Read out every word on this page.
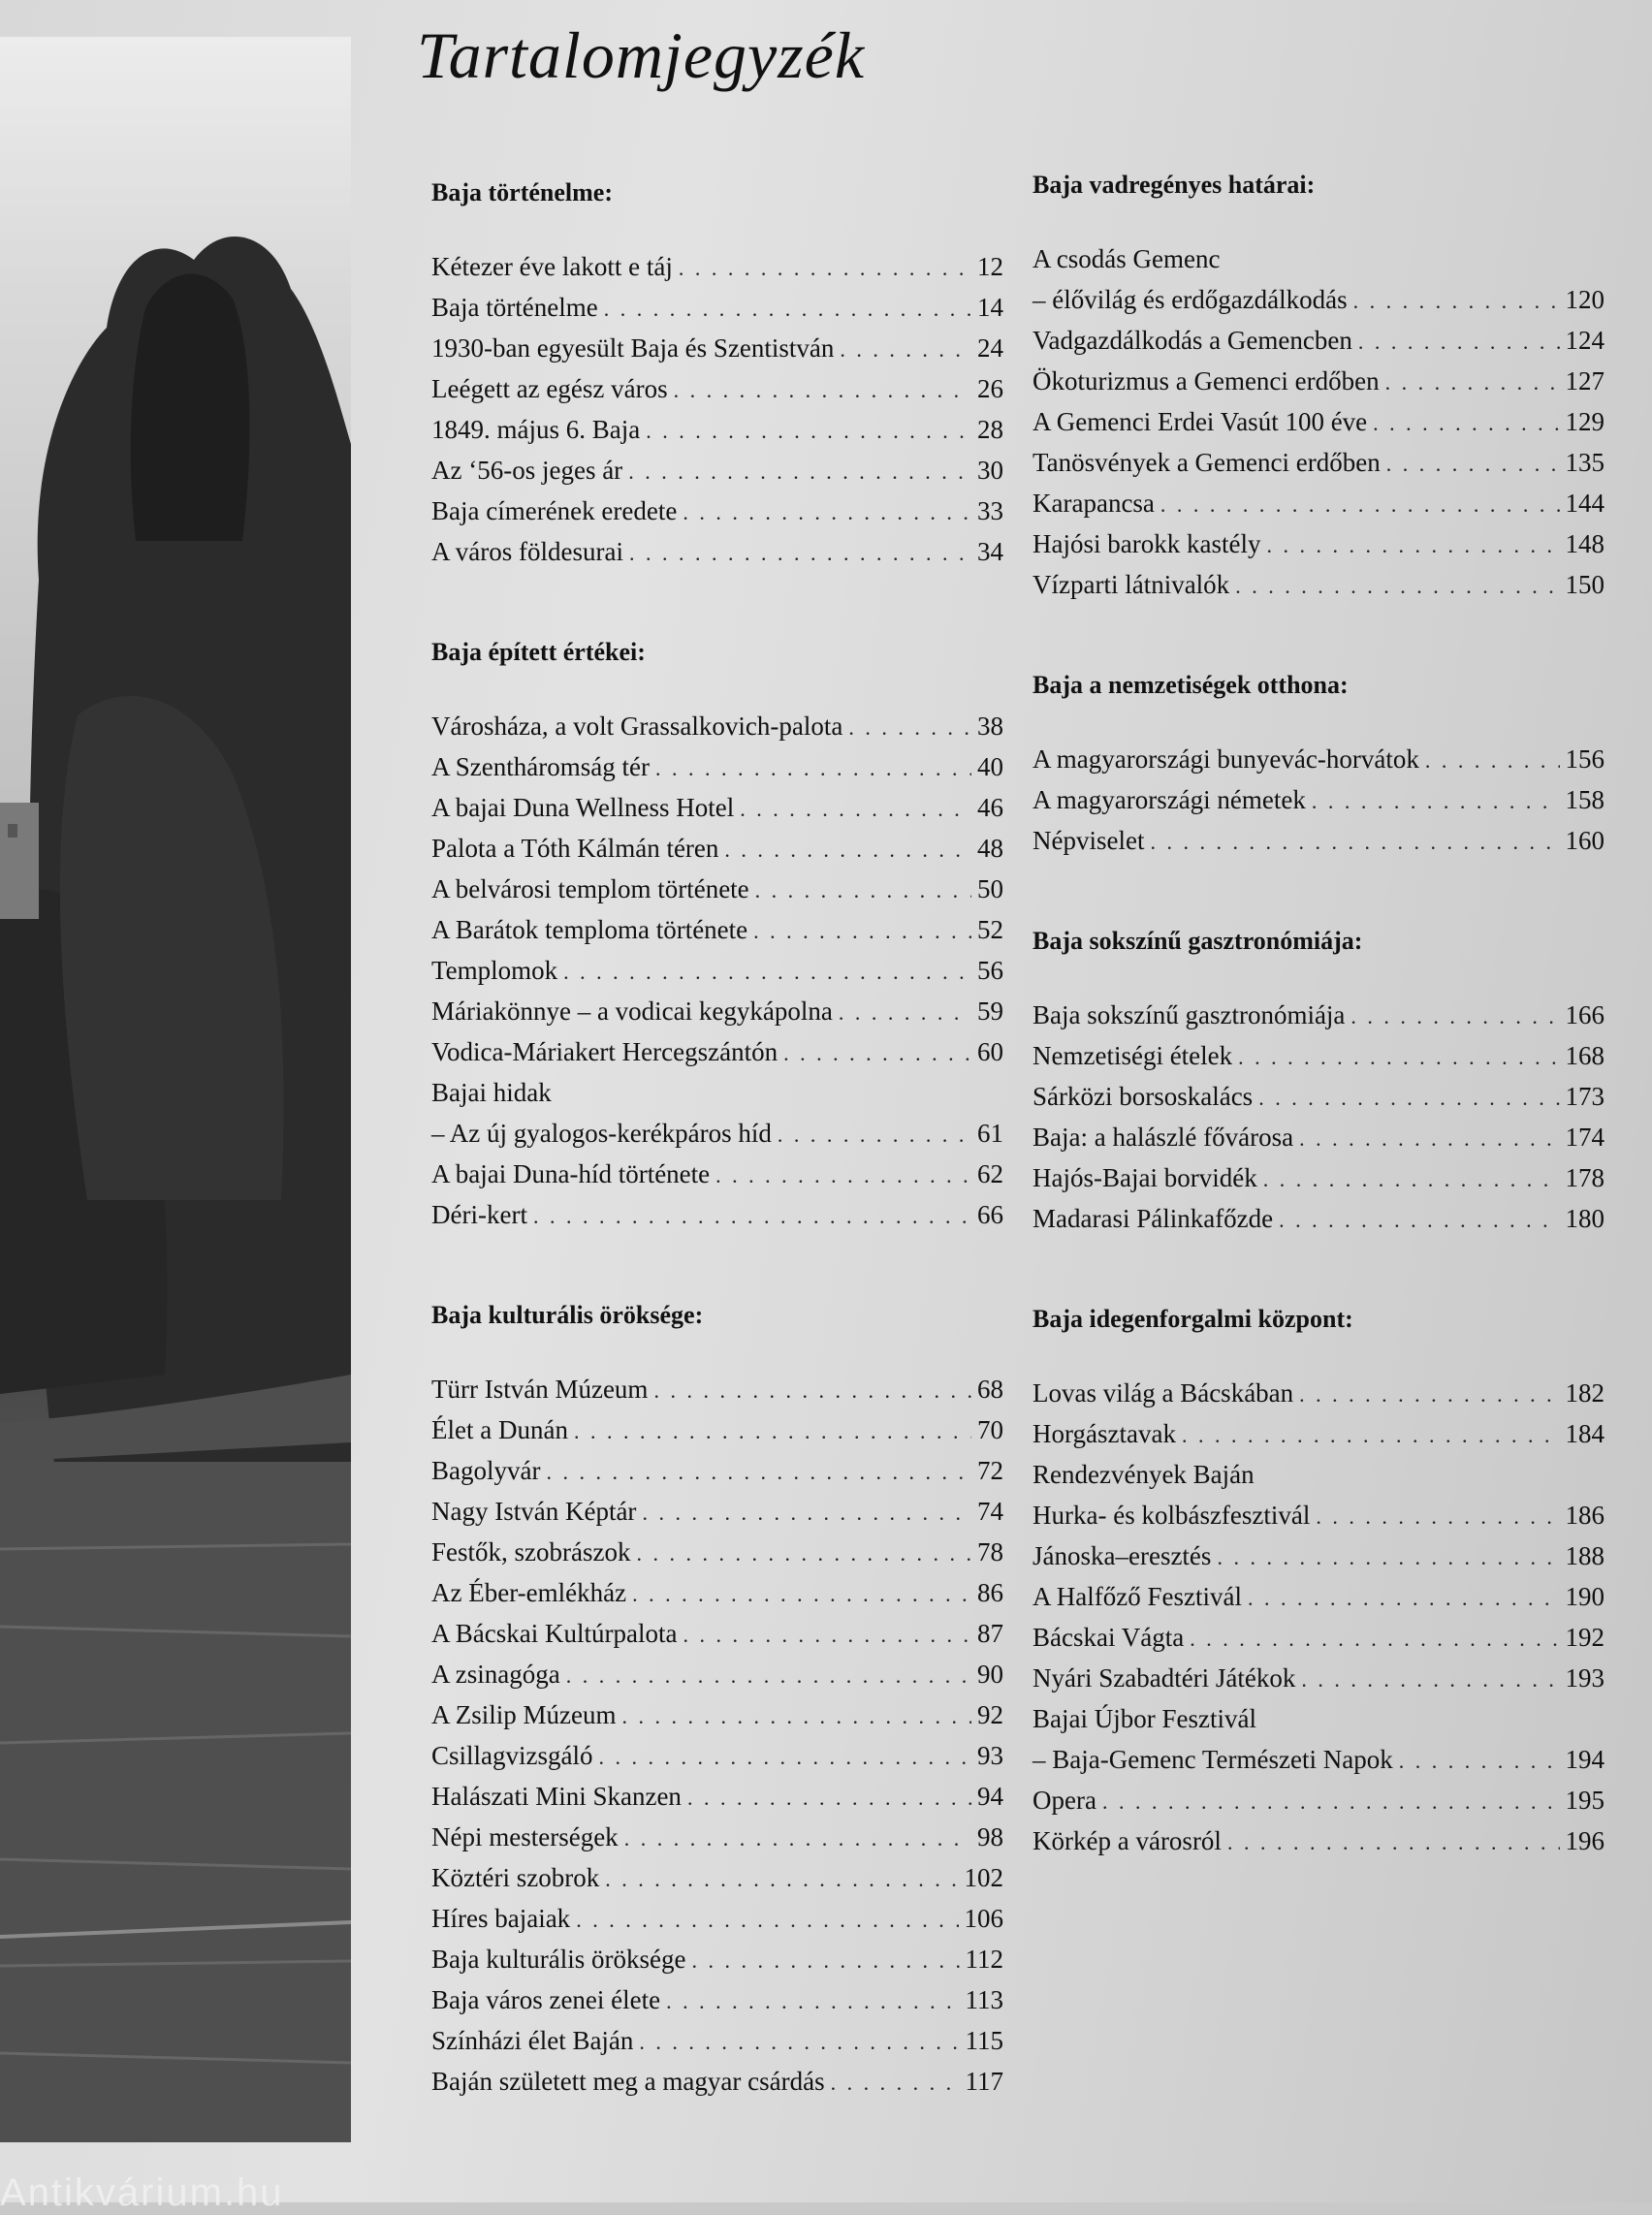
Tartalomjegyzék
Baja történelme:
Kétezer éve lakott e táj . . .	12
Baja történelme . . .	14
1930-ban egyesült Baja és Szentistván . . .	24
Leégett az egész város . . .	26
1849. május 6. Baja . . .	28
Az ‘56-os jeges ár . . .	30
Baja címerének eredete . . .	33
A város földesurai . . .	34
Baja épített értékei:
Városháza, a volt Grassalkovich-palota . . .	38
A Szentháromság tér . . .	40
A bajai Duna Wellness Hotel . . .	46
Palota a Tóth Kálmán téren . . .	48
A belvárosi templom története . . .	50
A Barátok temploma története . . .	52
Templomok . . .	56
Máriakönnye – a vodicai kegykápolna . . .	59
Vodica-Máriakert Hercegszántón . . .	60
Bajai hidak
– Az új gyalogos-kerékpáros híd . . .	61
A bajai Duna-híd története . . .	62
Déri-kert . . .	66
Baja kulturális öröksége:
Türr István Múzeum . . .	68
Élet a Dunán . . .	70
Bagolyvár . . .	72
Nagy István Képtár . . .	74
Festők, szobrászok . . .	78
Az Éber-emlékház . . .	86
A Bácskai Kultúrpalota . . .	87
A zsinagóga . . .	90
A Zsilip Múzeum . . .	92
Csillagvizsgáló . . .	93
Halászati Mini Skanzen . . .	94
Népi mesterségek . . .	98
Köztéri szobrok . . .	102
Híres bajaiak . . .	106
Baja kulturális öröksége . . .	112
Baja város zenei élete . . .	113
Színházi élet Baján . . .	115
Baján született meg a magyar csárdás . . .	117
Baja vadregényes határai:
A csodás Gemenc
– élővilág és erdőgazdálkodás . . .	120
Vadgazdálkodás a Gemencben . . .	124
Ökoturizmus a Gemenci erdőben . . .	127
A Gemenci Erdei Vasút 100 éve . . .	129
Tanösvények a Gemenci erdőben . . .	135
Karapancsa . . .	144
Hajósi barokk kastély . . .	148
Vízparti látnivalók . . .	150
Baja a nemzetiségek otthona:
A magyarországi bunyevác-horvátok . . .	156
A magyarországi németek . . .	158
Népviselet . . .	160
Baja sokszínű gasztronómiája:
Baja sokszínű gasztronómiája . . .	166
Nemzetiségi ételek . . .	168
Sárközi borsoskalács . . .	173
Baja: a halászlé fővárosa . . .	174
Hajós-Bajai borvidék . . .	178
Madarasi Pálinkafőzde . . .	180
Baja idegenforgalmi központ:
Lovas világ a Bácskában . . .	182
Horgásztavak . . .	184
Rendezvények Baján
Hurka- és kolbászfesztivál . . .	186
Jánoska–eresztés . . .	188
A Halfőző Fesztivál . . .	190
Bácskai Vágta . . .	192
Nyári Szabadtéri Játékok . . .	193
Bajai Újbor Fesztivál
– Baja-Gemenc Természeti Napok . . .	194
Opera . . .	195
Körkép a városról . . .	196
Antikvárium.hu
